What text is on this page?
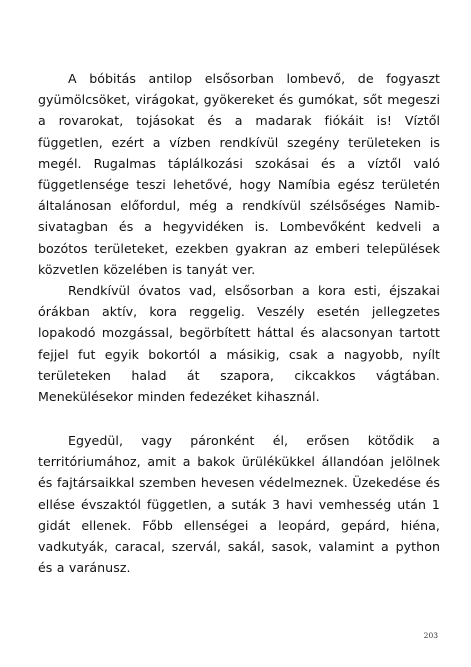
A bóbitás antilop elsősorban lombevő, de fogyaszt gyümölcsöket, virágokat, gyökereket és gumókat, sőt megeszi a rovarokat, tojásokat és a madarak fiókáit is! Víztől független, ezért a vízben rendkívül szegény területeken is megél. Rugalmas táplálkozási szokásai és a víztől való függetlensége teszi lehetővé, hogy Namíbia egész területén általánosan előfordul, még a rendkívül szélsőséges Namib-sivatagban és a hegyvidéken is. Lombevőként kedveli a bozótos területeket, ezekben gyakran az emberi települések közvetlen közelében is tanyát ver.

Rendkívül óvatos vad, elsősorban a kora esti, éjszakai órákban aktív, kora reggelig. Veszély esetén jellegzetes lopakodó mozgással, begörbített háttal és alacsonyan tartott fejjel fut egyik bokortól a másikig, csak a nagyobb, nyílt területeken halad át szapora, cikcakkos vágtában. Menekülésekor minden fedezéket kihasznál.

Egyedül, vagy páronként él, erősen kötődik a territóriumához, amit a bakok ürülékükkel állandóan jelölnek és fajtársaikkal szemben hevesen védelmeznek. Üzekedése és ellése évszaktól független, a suták 3 havi vemhesség után 1 gidát ellenek. Főbb ellenségei a leopárd, gepárd, hiéna, vadkutyák, caracal, szervál, sakál, sasok, valamint a python és a varánusz.

203
